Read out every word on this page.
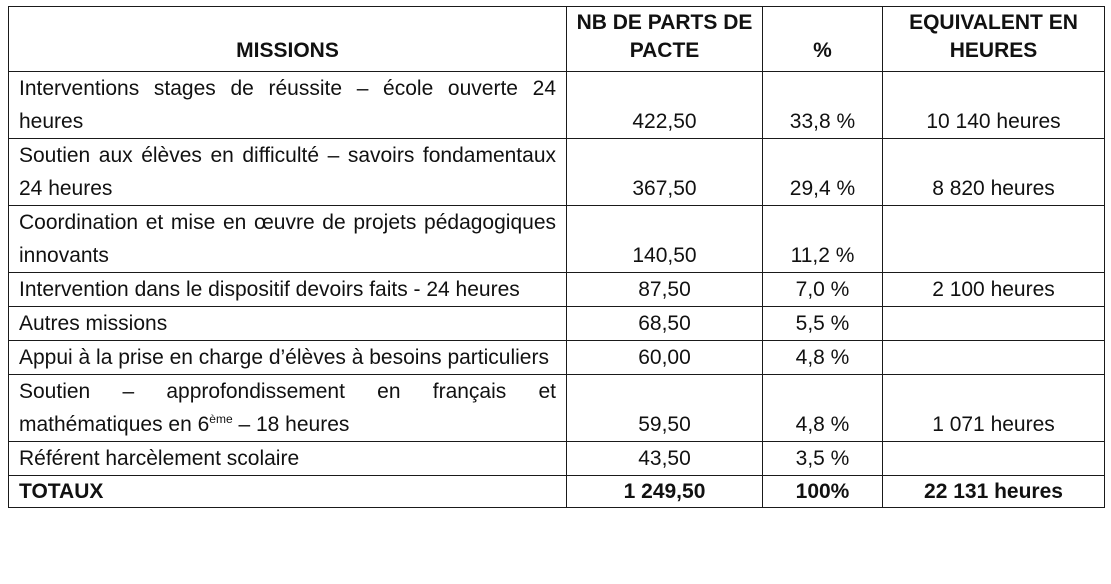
MISSIONS	NB DE PARTS DE PACTE	%	EQUIVALENT EN HEURES
Interventions stages de réussite – école ouverte 24 heures	422,50	33,8 %	10 140 heures
Soutien aux élèves en difficulté – savoirs fondamentaux 24 heures	367,50	29,4 %	8 820 heures
Coordination et mise en œuvre de projets pédagogiques innovants	140,50	11,2 %	
Intervention dans le dispositif devoirs faits - 24 heures	87,50	7,0 %	2 100 heures
Autres missions	68,50	5,5 %	
Appui à la prise en charge d’élèves à besoins particuliers	60,00	4,8 %	
Soutien – approfondissement en français et mathématiques en 6ème – 18 heures	59,50	4,8 %	1 071 heures
Référent harcèlement scolaire	43,50	3,5 %	
TOTAUX	1 249,50	100%	22 131 heures
